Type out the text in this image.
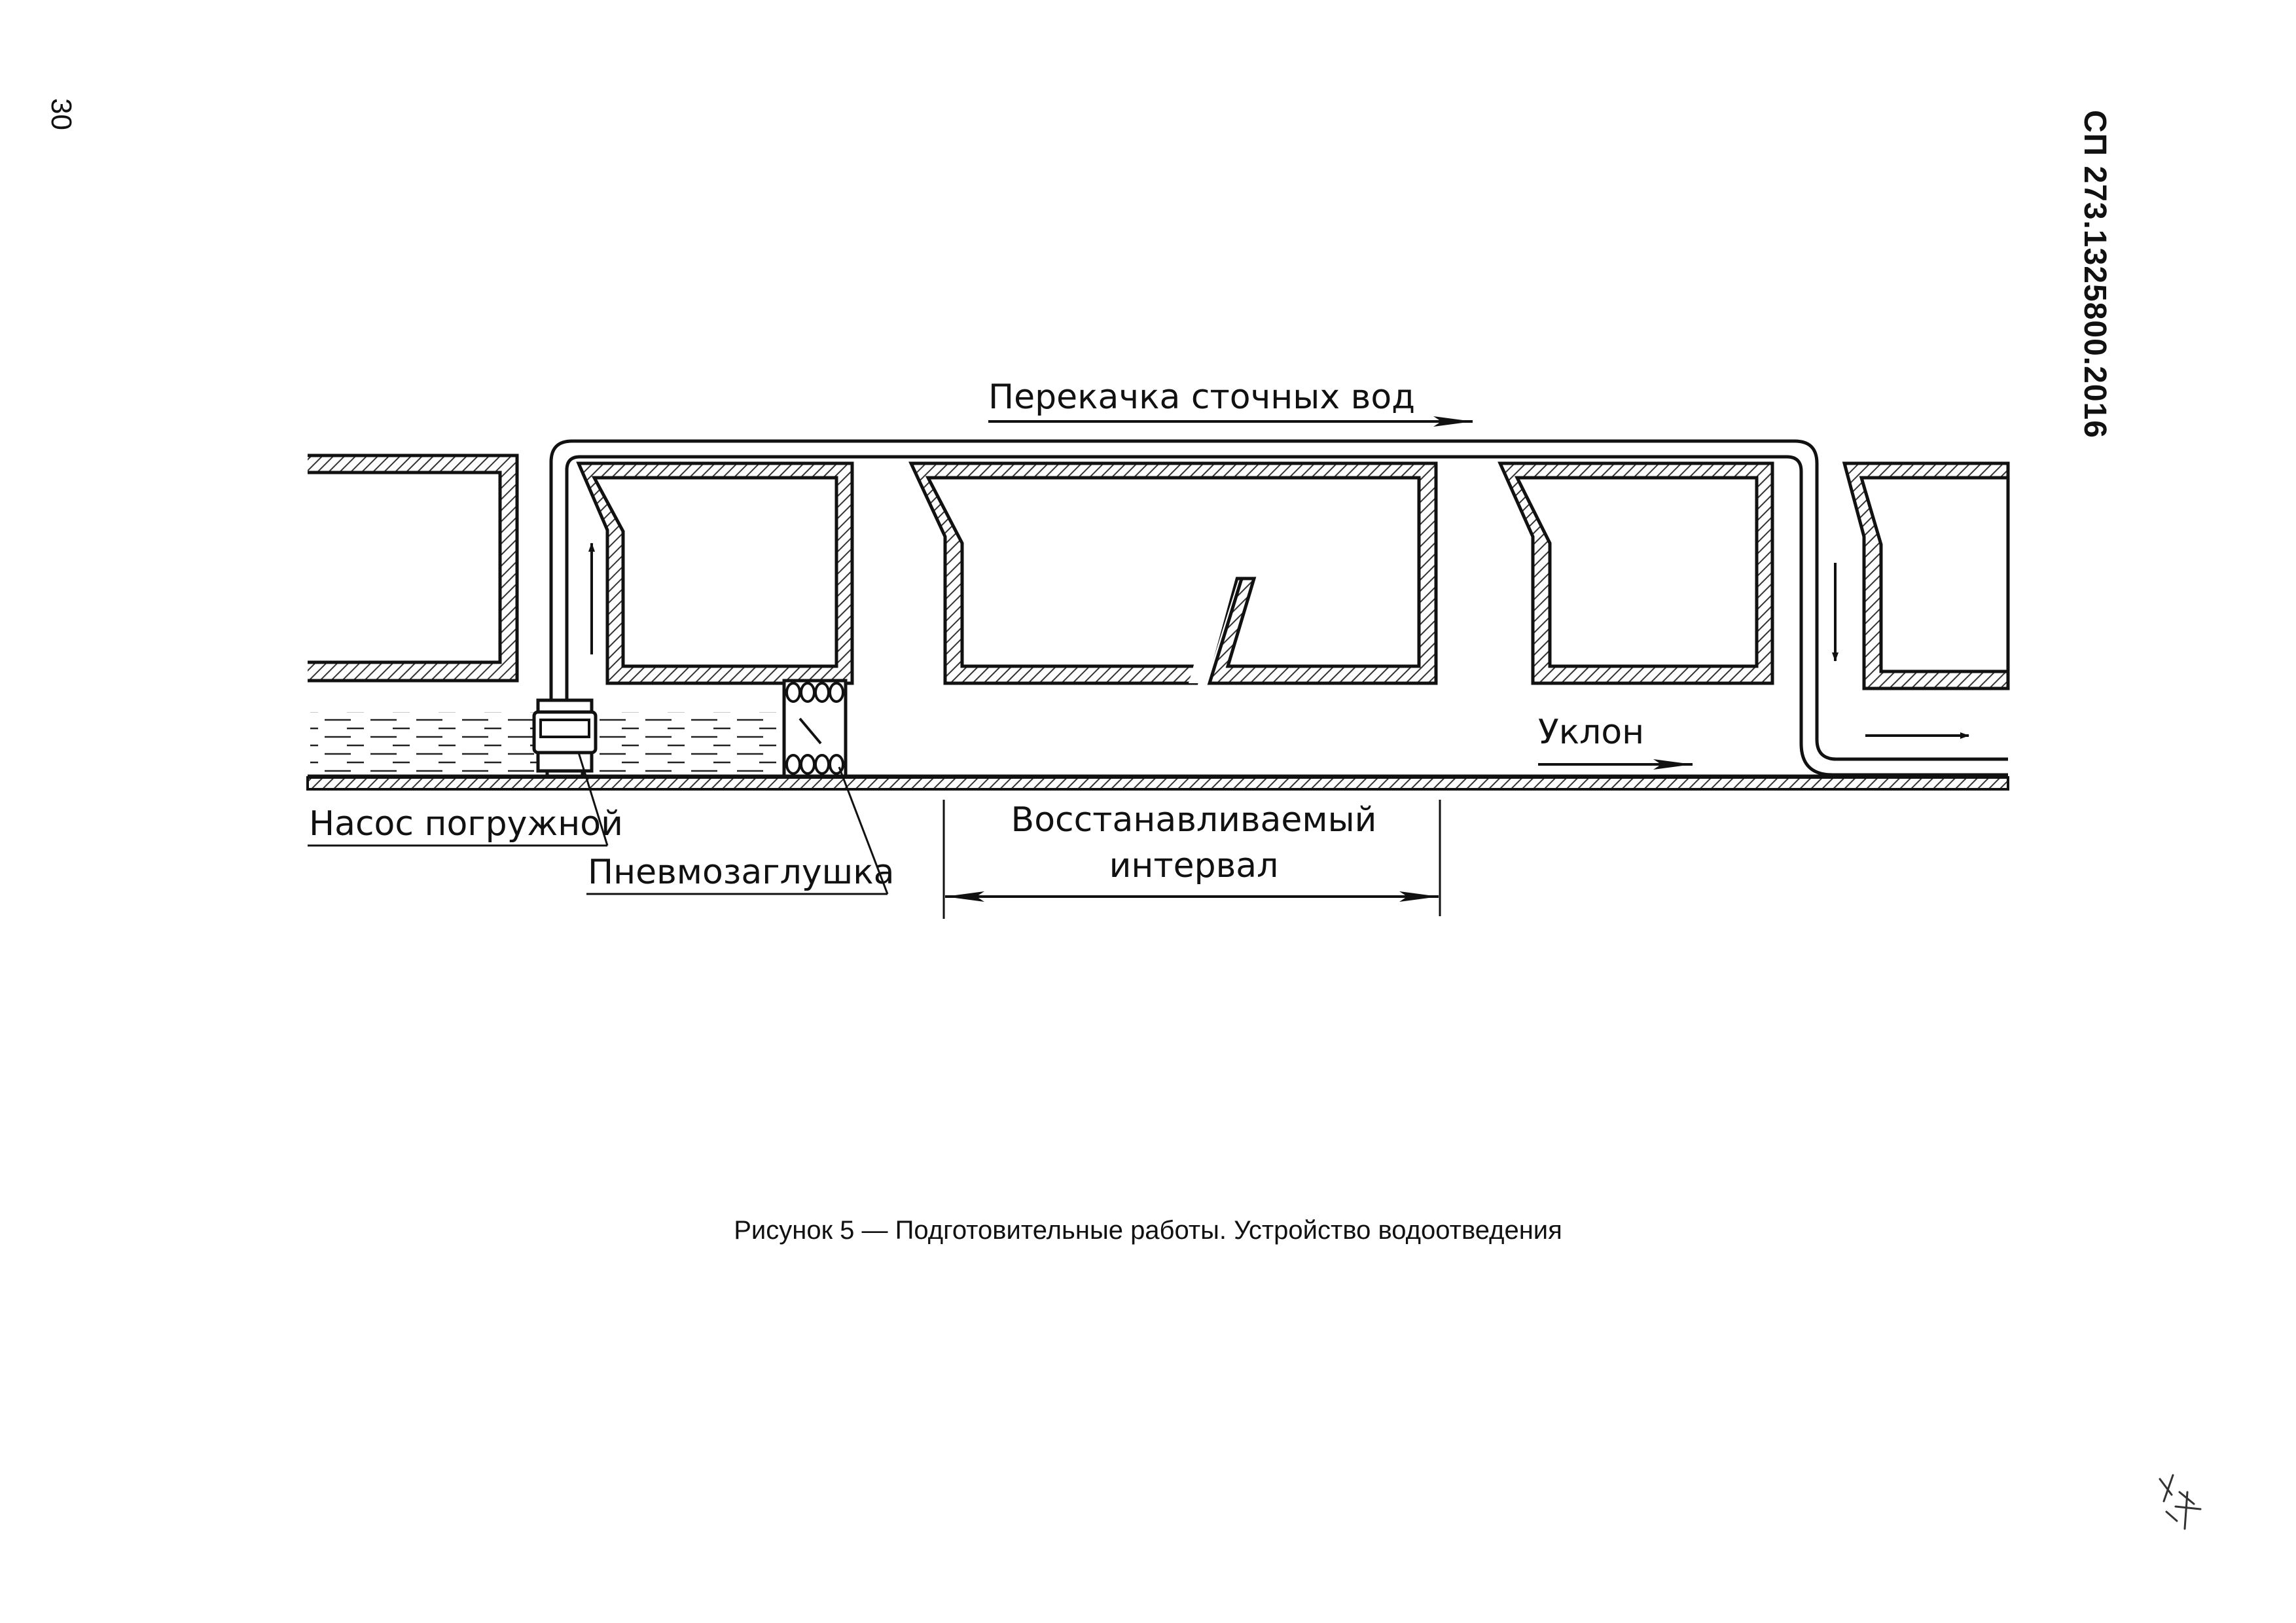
30	СП 273.1325800.2016
Перекачка сточных вод
Уклон
Насос погружной
Пневмозаглушка
Восстанавливаемый
интервал
Рисунок 5 — Подготовительные работы. Устройство водоотведения
